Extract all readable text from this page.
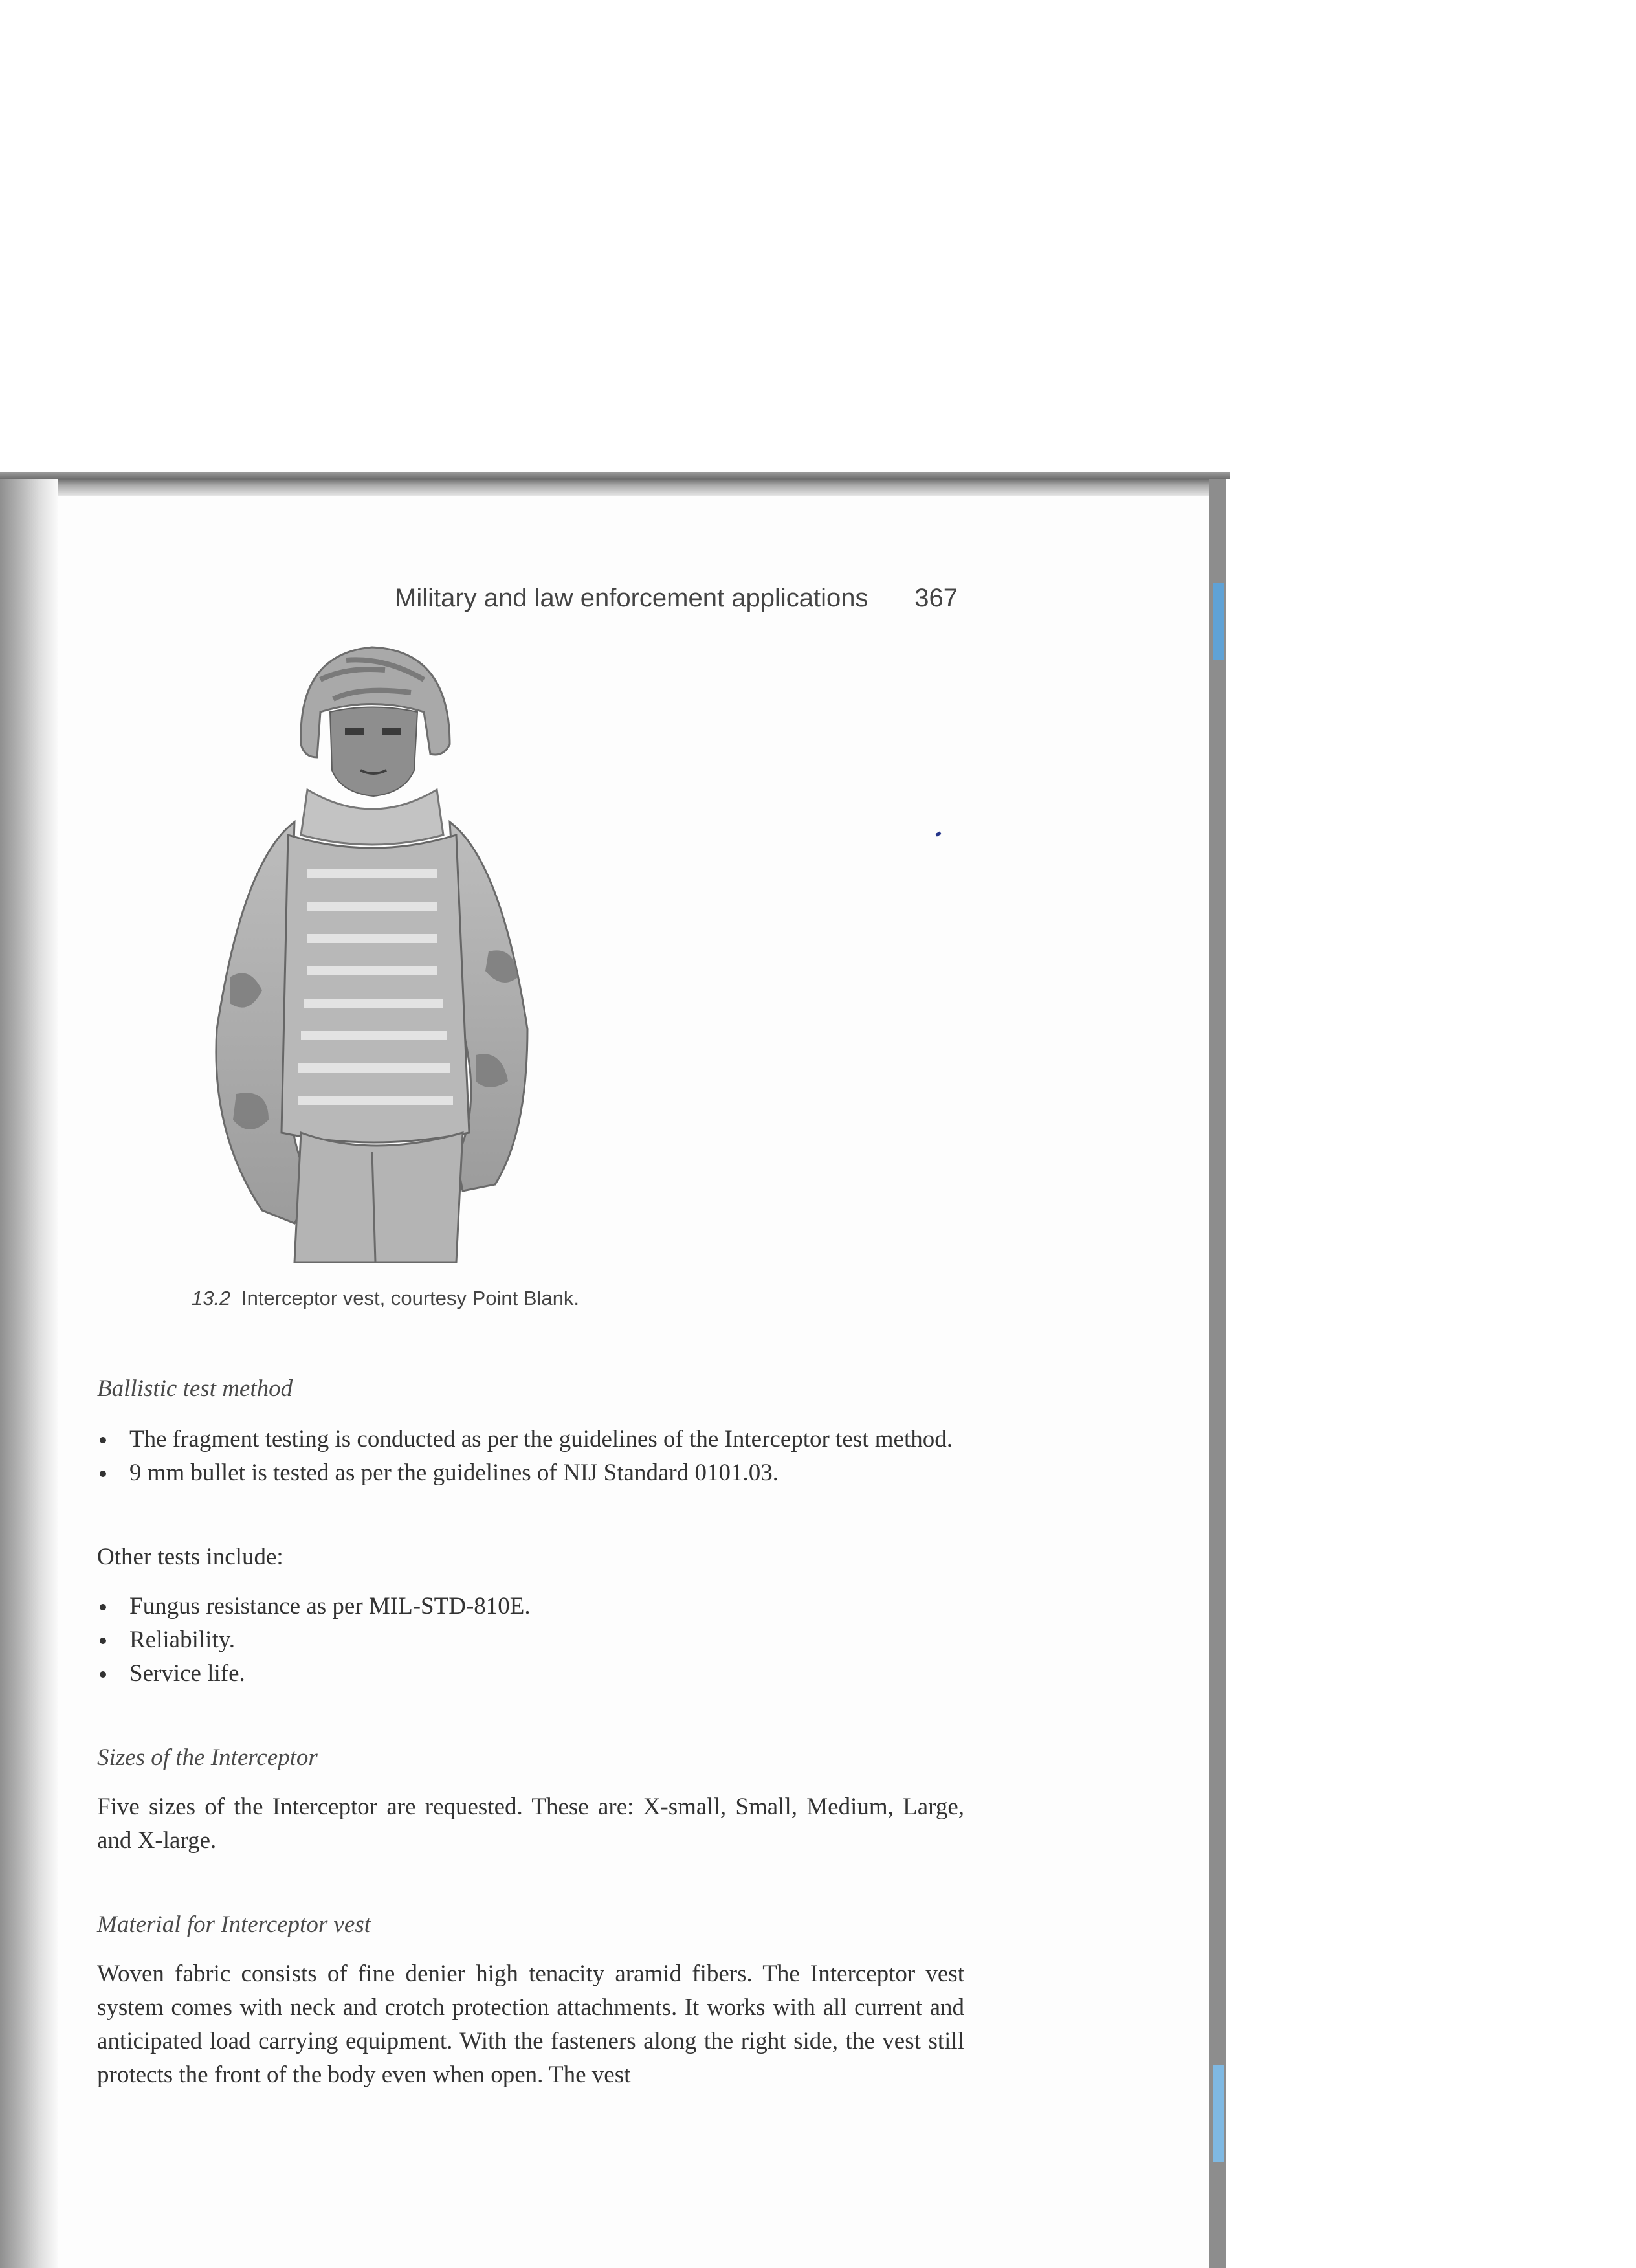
Military and law enforcement applications 367
13.2 Interceptor vest, courtesy Point Blank.
Ballistic test method
The fragment testing is conducted as per the guidelines of the Interceptor test method.
9 mm bullet is tested as per the guidelines of NIJ Standard 0101.03.
Other tests include:
Fungus resistance as per MIL-STD-810E.
Reliability.
Service life.
Sizes of the Interceptor
Five sizes of the Interceptor are requested. These are: X-small, Small, Medium, Large, and X-large.
Material for Interceptor vest
Woven fabric consists of fine denier high tenacity aramid fibers. The Interceptor vest system comes with neck and crotch protection attachments. It works with all current and anticipated load carrying equipment. With the fasteners along the right side, the vest still protects the front of the body even when open. The vest
